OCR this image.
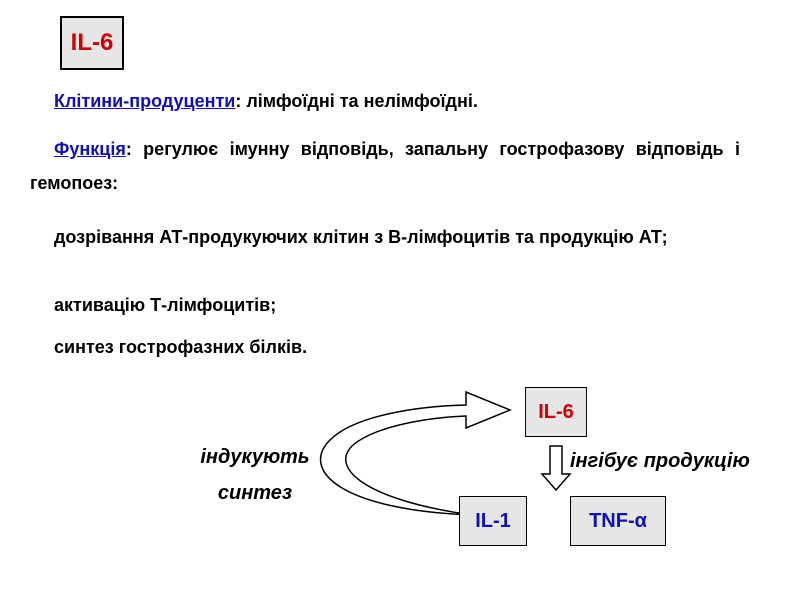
IL-6
Клітини-продуценти: лімфоїдні та нелімфоїдні.
Функція: регулює імунну відповідь, запальну гострофазову відповідь і гемопоез:
дозрівання АТ-продукуючих клітин з В-лімфоцитів та продукцію АТ;
активацію Т-лімфоцитів;
синтез гострофазних білків.
IL-6
IL-1	TNF-α
індукують
синтез
інгібує продукцію
